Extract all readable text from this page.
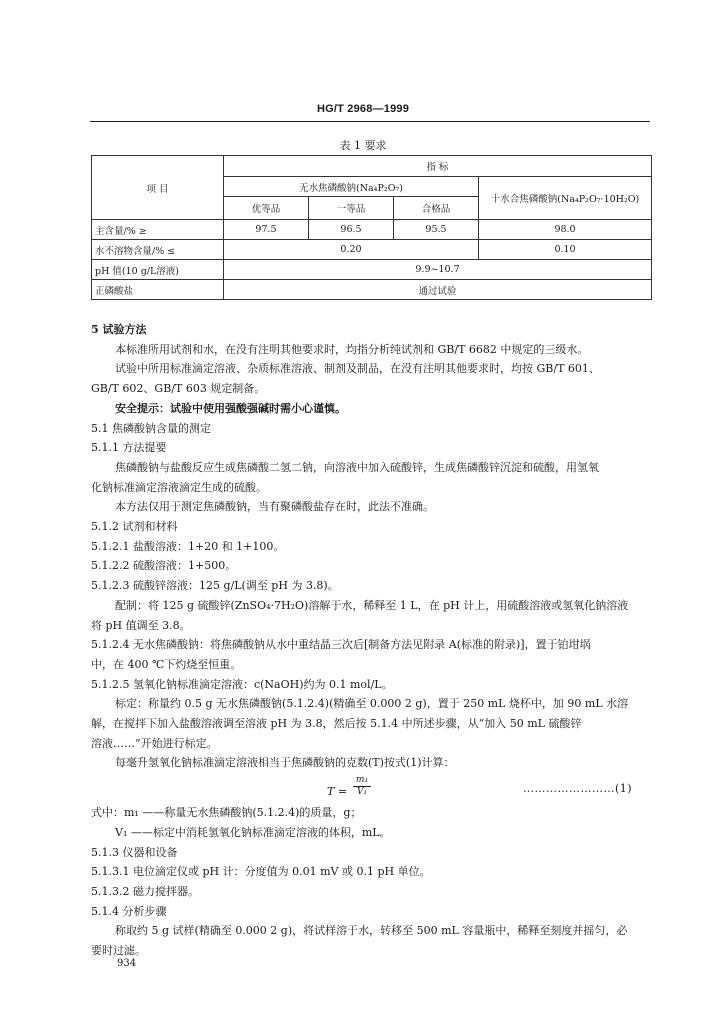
HG/T 2968—1999
表 1 要求
项 目	指 标			
	无水焦磷酸钠(Na₄P₂O₇)			十水合焦磷酸钠(Na₄P₂O₇·10H₂O)
	优等品	一等品	合格品	
主含量/% ≥	97.5	96.5	95.5	98.0
水不溶物含量/% ≤	0.20			0.10
pH 值(10 g/L溶液)	9.9~10.7			
正磷酸盐	通过试验			

5 试验方法

本标准所用试剂和水，在没有注明其他要求时，均指分析纯试剂和 GB/T 6682 中规定的三级水。

试验中所用标准滴定溶液、杂质标准溶液、制剂及制品，在没有注明其他要求时，均按 GB/T 601、

GB/T 602、GB/T 603 规定制备。

安全提示：试验中使用强酸强碱时需小心谨慎。

5.1 焦磷酸钠含量的测定

5.1.1 方法提要

焦磷酸钠与盐酸反应生成焦磷酸二氢二钠，向溶液中加入硫酸锌，生成焦磷酸锌沉淀和硫酸，用氢氧

化钠标准滴定溶液滴定生成的硫酸。

本方法仅用于测定焦磷酸钠，当有聚磷酸盐存在时，此法不准确。

5.1.2 试剂和材料

5.1.2.1 盐酸溶液：1+20 和 1+100。

5.1.2.2 硫酸溶液：1+500。

5.1.2.3 硫酸锌溶液：125 g/L(调至 pH 为 3.8)。

配制：将 125 g 硫酸锌(ZnSO₄·7H₂O)溶解于水，稀释至 1 L，在 pH 计上，用硫酸溶液或氢氧化钠溶液

将 pH 值调至 3.8。

5.1.2.4 无水焦磷酸钠：将焦磷酸钠从水中重结晶三次后[制备方法见附录 A(标准的附录)]，置于铂坩埚

中，在 400 ℃下灼烧至恒重。

5.1.2.5 氢氧化钠标准滴定溶液：c(NaOH)约为 0.1 mol/L。

标定：称量约 0.5 g 无水焦磷酸钠(5.1.2.4)(精确至 0.000 2 g)，置于 250 mL 烧杯中，加 90 mL 水溶

解，在搅拌下加入盐酸溶液调至溶液 pH 为 3.8，然后按 5.1.4 中所述步骤，从“加入 50 mL 硫酸锌

溶液……”开始进行标定。

每毫升氢氧化钠标准滴定溶液相当于焦磷酸钠的克数(T)按式(1)计算：

T =
m₁
V₁	……………………(1)

式中：m₁ ——称量无水焦磷酸钠(5.1.2.4)的质量，g；

V₁ ——标定中消耗氢氧化钠标准滴定溶液的体积，mL。

5.1.3 仪器和设备

5.1.3.1 电位滴定仪或 pH 计：分度值为 0.01 mV 或 0.1 pH 单位。

5.1.3.2 磁力搅拌器。

5.1.4 分析步骤

称取约 5 g 试样(精确至 0.000 2 g)，将试样溶于水，转移至 500 mL 容量瓶中，稀释至刻度并摇匀，必

要时过滤。

934
